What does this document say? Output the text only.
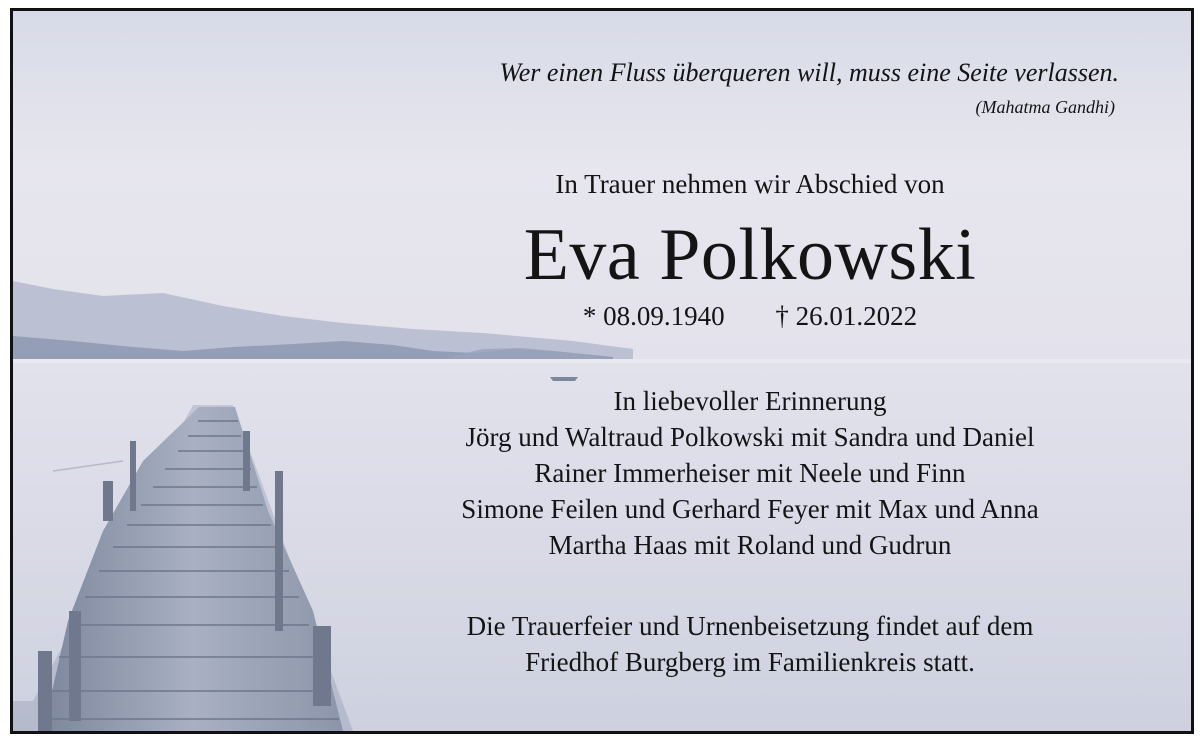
Wer einen Fluss überqueren will, muss eine Seite verlassen.
(Mahatma Gandhi)
In Trauer nehmen wir Abschied von
Eva Polkowski
* 08.09.1940 † 26.01.2022
In liebevoller Erinnerung
Jörg und Waltraud Polkowski mit Sandra und Daniel
Rainer Immerheiser mit Neele und Finn
Simone Feilen und Gerhard Feyer mit Max und Anna
Martha Haas mit Roland und Gudrun
Die Trauerfeier und Urnenbeisetzung findet auf dem
Friedhof Burgberg im Familienkreis statt.
